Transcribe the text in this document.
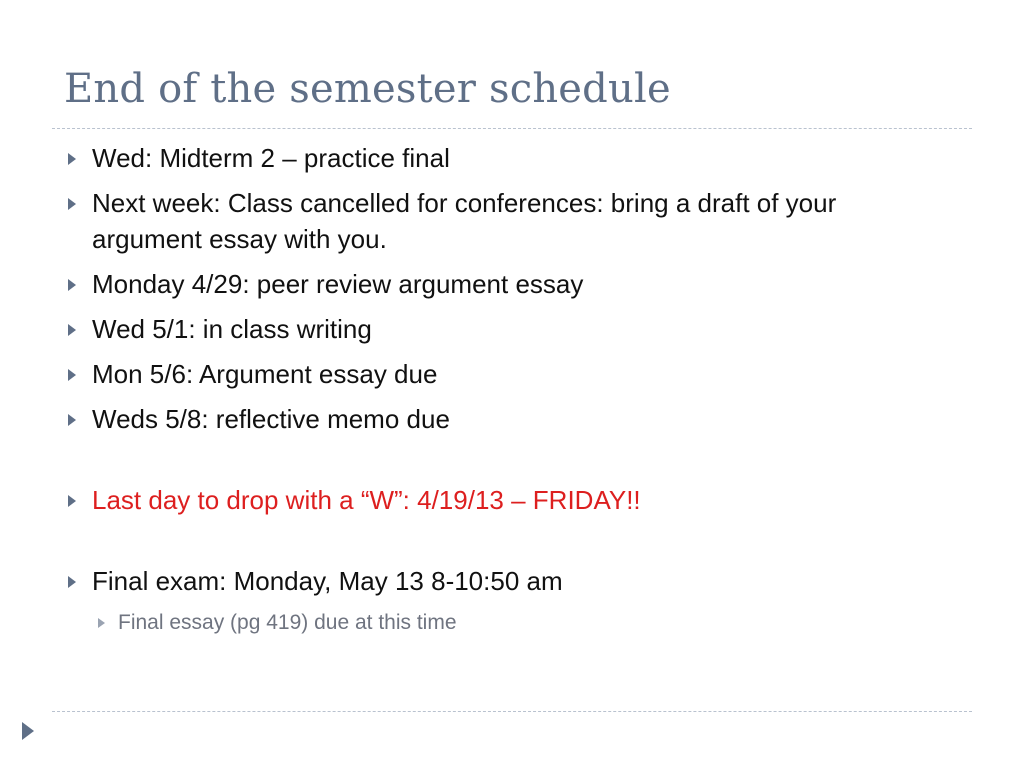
End of the semester schedule
Wed: Midterm 2 – practice final
Next week: Class cancelled for conferences: bring a draft of your argument essay with you.
Monday 4/29: peer review argument essay
Wed 5/1: in class writing
Mon 5/6: Argument essay due
Weds 5/8: reflective memo due
Last day to drop with a “W”: 4/19/13 – FRIDAY!!
Final exam: Monday, May 13 8-10:50 am
Final essay (pg 419) due at this time
